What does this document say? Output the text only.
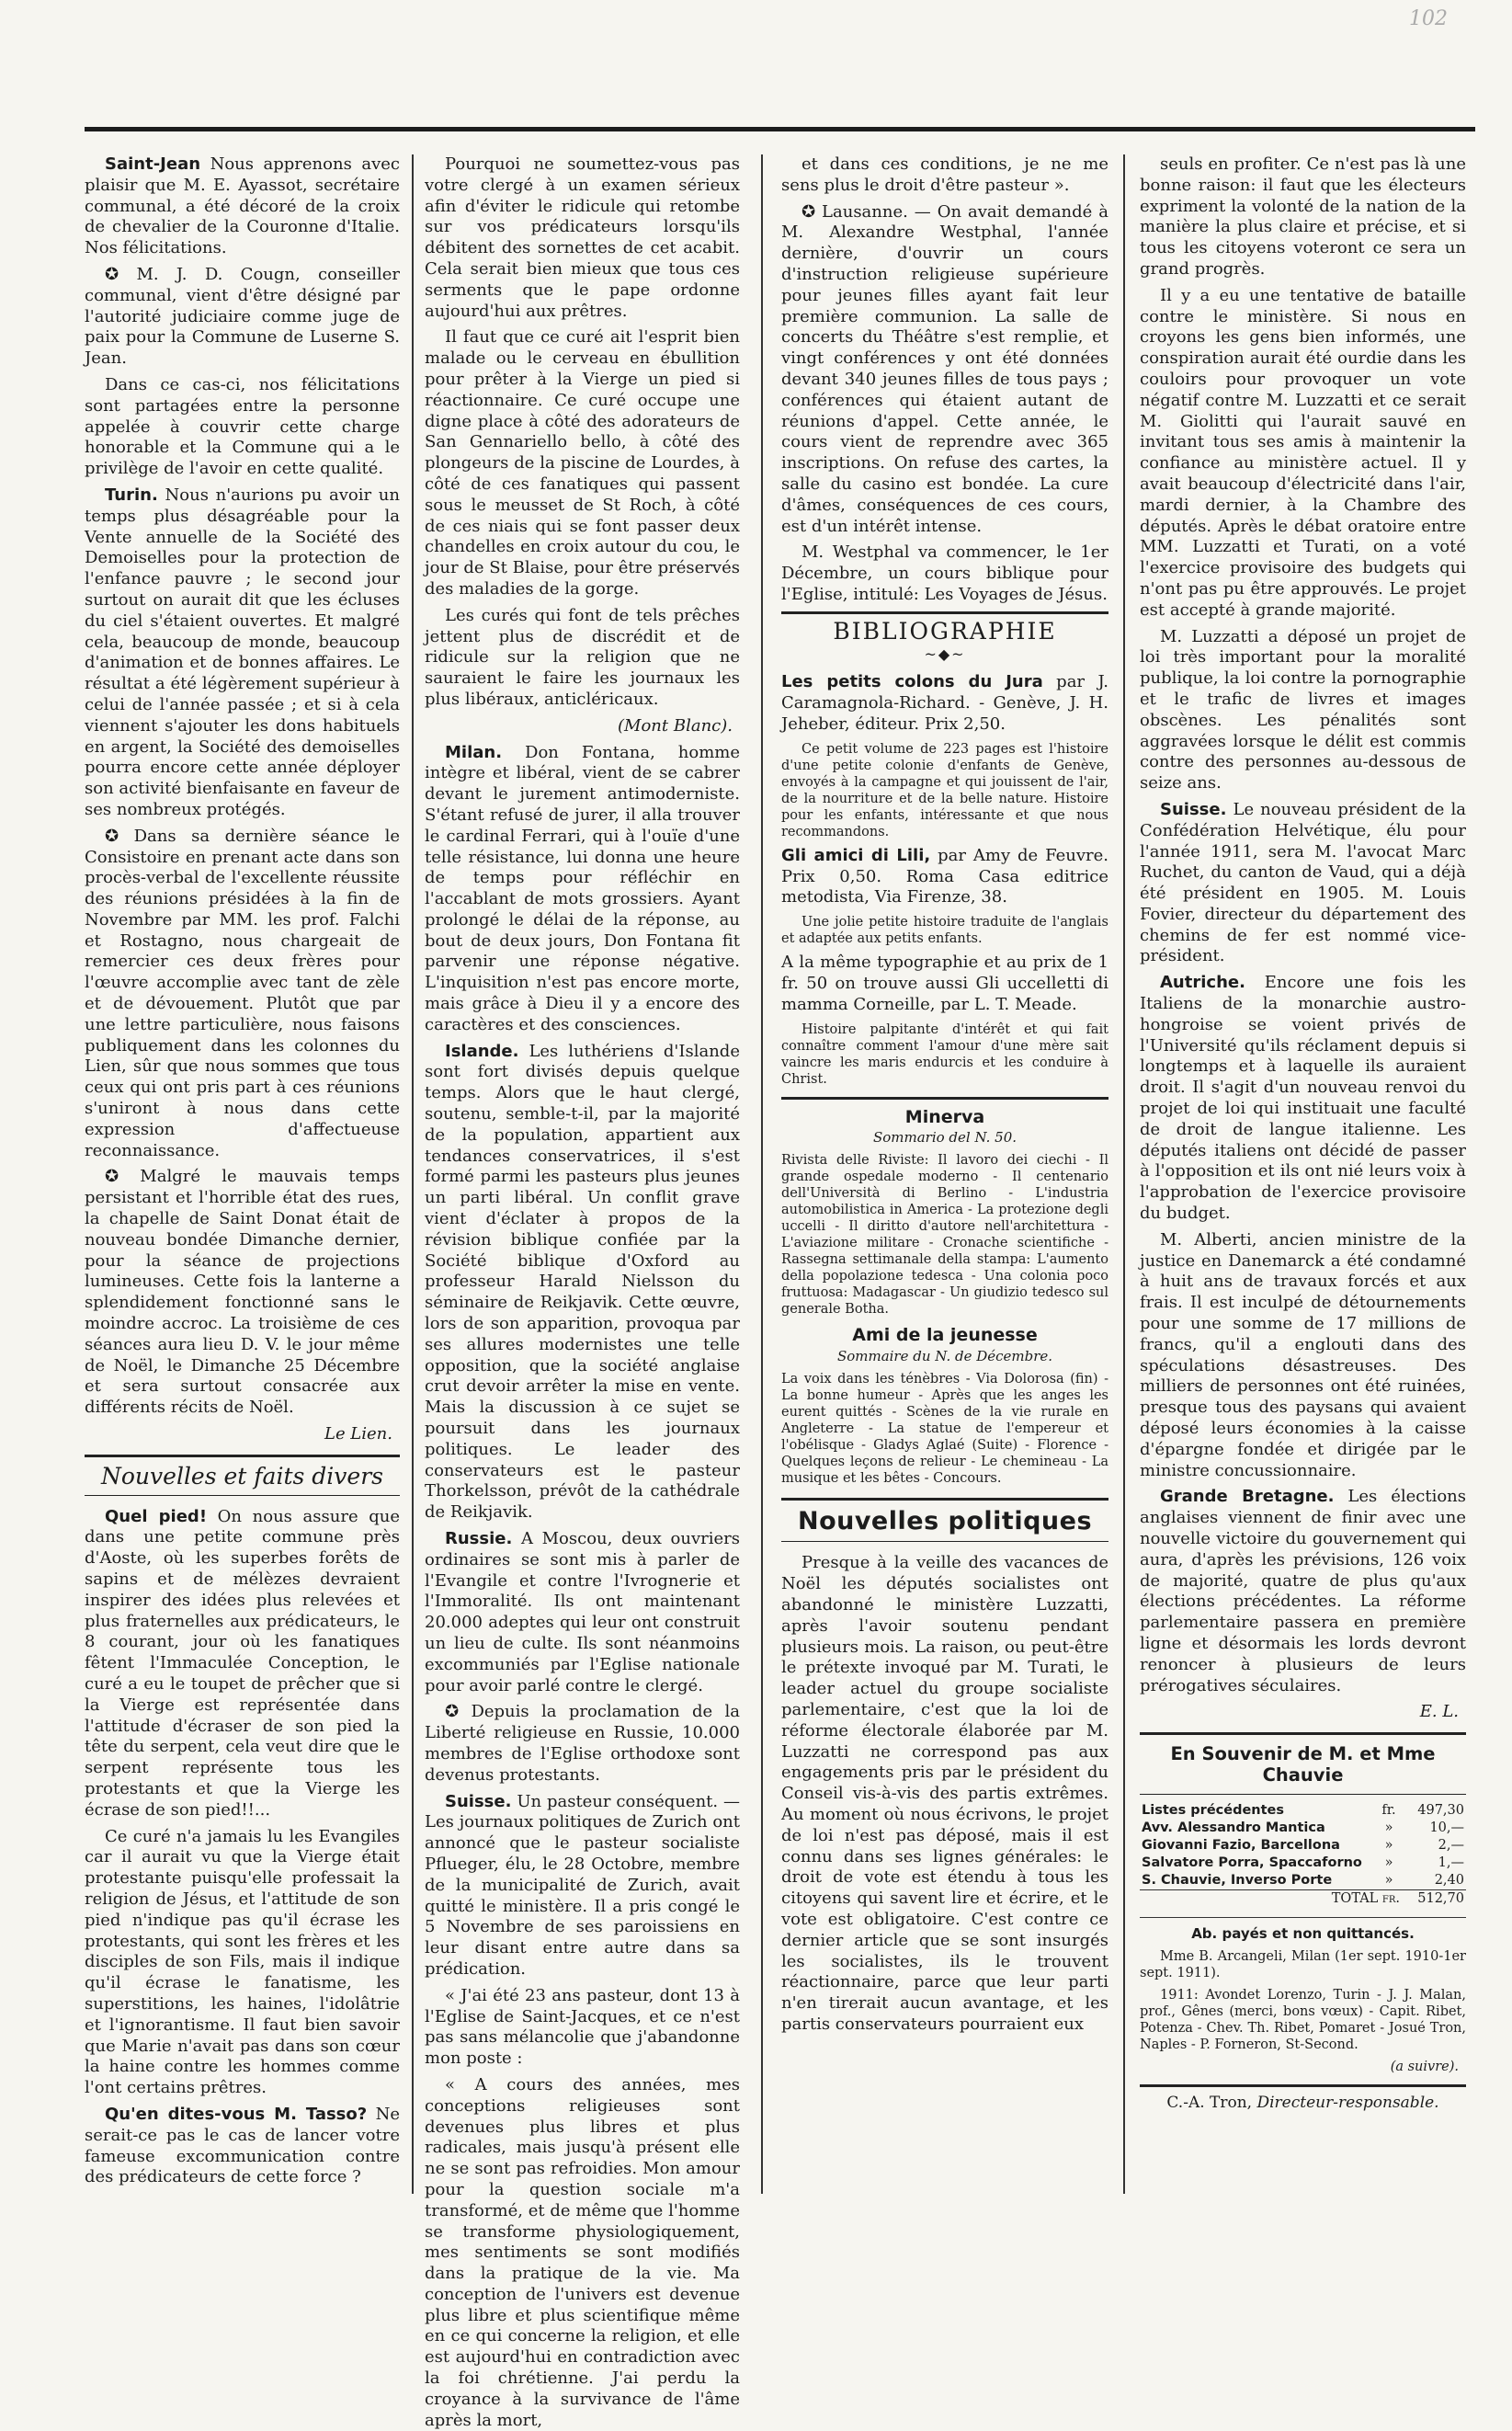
102

Saint-Jean Nous apprenons avec plaisir que M. E. Ayassot, secrétaire communal, a été décoré de la croix de chevalier de la Couronne d'Italie. Nos félicitations.

✪ M. J. D. Cougn, conseiller communal, vient d'être désigné par l'autorité judiciaire comme juge de paix pour la Commune de Luserne S. Jean.

Dans ce cas-ci, nos félicitations sont partagées entre la personne appelée à couvrir cette charge honorable et la Commune qui a le privilège de l'avoir en cette qualité.

Turin. Nous n'aurions pu avoir un temps plus désagréable pour la Vente annuelle de la Société des Demoiselles pour la protection de l'enfance pauvre ; le second jour surtout on aurait dit que les écluses du ciel s'étaient ouvertes. Et malgré cela, beaucoup de monde, beaucoup d'animation et de bonnes affaires. Le résultat a été légèrement supérieur à celui de l'année passée ; et si à cela viennent s'ajouter les dons habituels en argent, la Société des demoiselles pourra encore cette année déployer son activité bienfaisante en faveur de ses nombreux protégés.

✪ Dans sa dernière séance le Consistoire en prenant acte dans son procès-verbal de l'excellente réussite des réunions présidées à la fin de Novembre par MM. les prof. Falchi et Rostagno, nous chargeait de remercier ces deux frères pour l'œuvre accomplie avec tant de zèle et de dévouement. Plutôt que par une lettre particulière, nous faisons publiquement dans les colonnes du Lien, sûr que nous sommes que tous ceux qui ont pris part à ces réunions s'uniront à nous dans cette expression d'affectueuse reconnaissance.

✪ Malgré le mauvais temps persistant et l'horrible état des rues, la chapelle de Saint Donat était de nouveau bondée Dimanche dernier, pour la séance de projections lumineuses. Cette fois la lanterne a splendidement fonctionné sans le moindre accroc. La troisième de ces séances aura lieu D. V. le jour même de Noël, le Dimanche 25 Décembre et sera surtout consacrée aux différents récits de Noël.

Le Lien.

Nouvelles et faits divers

Quel pied! On nous assure que dans une petite commune près d'Aoste, où les superbes forêts de sapins et de mélèzes devraient inspirer des idées plus relevées et plus fraternelles aux prédicateurs, le 8 courant, jour où les fanatiques fêtent l'Immaculée Conception, le curé a eu le toupet de prêcher que si la Vierge est représentée dans l'attitude d'écraser de son pied la tête du serpent, cela veut dire que le serpent représente tous les protestants et que la Vierge les écrase de son pied!!...

Ce curé n'a jamais lu les Evangiles car il aurait vu que la Vierge était protestante puisqu'elle professait la religion de Jésus, et l'attitude de son pied n'indique pas qu'il écrase les protestants, qui sont les frères et les disciples de son Fils, mais il indique qu'il écrase le fanatisme, les superstitions, les haines, l'idolâtrie et l'ignorantisme. Il faut bien savoir que Marie n'avait pas dans son cœur la haine contre les hommes comme l'ont certains prêtres.

Qu'en dites-vous M. Tasso? Ne serait-ce pas le cas de lancer votre fameuse excommunication contre des prédicateurs de cette force ?

Pourquoi ne soumettez-vous pas votre clergé à un examen sérieux afin d'éviter le ridicule qui retombe sur vos prédicateurs lorsqu'ils débitent des sornettes de cet acabit. Cela serait bien mieux que tous ces serments que le pape ordonne aujourd'hui aux prêtres.

Il faut que ce curé ait l'esprit bien malade ou le cerveau en ébullition pour prêter à la Vierge un pied si réactionnaire. Ce curé occupe une digne place à côté des adorateurs de San Gennariello bello, à côté des plongeurs de la piscine de Lourdes, à côté de ces fanatiques qui passent sous le meusset de St Roch, à côté de ces niais qui se font passer deux chandelles en croix autour du cou, le jour de St Blaise, pour être préservés des maladies de la gorge.

Les curés qui font de tels prêches jettent plus de discrédit et de ridicule sur la religion que ne sauraient le faire les journaux les plus libéraux, anticléricaux.

(Mont Blanc).

Milan. Don Fontana, homme intègre et libéral, vient de se cabrer devant le jurement antimoderniste. S'étant refusé de jurer, il alla trouver le cardinal Ferrari, qui à l'ouïe d'une telle résistance, lui donna une heure de temps pour réfléchir en l'accablant de mots grossiers. Ayant prolongé le délai de la réponse, au bout de deux jours, Don Fontana fit parvenir une réponse négative. L'inquisition n'est pas encore morte, mais grâce à Dieu il y a encore des caractères et des consciences.

Islande. Les luthériens d'Islande sont fort divisés depuis quelque temps. Alors que le haut clergé, soutenu, semble-t-il, par la majorité de la population, appartient aux tendances conservatrices, il s'est formé parmi les pasteurs plus jeunes un parti libéral. Un conflit grave vient d'éclater à propos de la révision biblique confiée par la Société biblique d'Oxford au professeur Harald Nielsson du séminaire de Reikjavik. Cette œuvre, lors de son apparition, provoqua par ses allures modernistes une telle opposition, que la société anglaise crut devoir arrêter la mise en vente. Mais la discussion à ce sujet se poursuit dans les journaux politiques. Le leader des conservateurs est le pasteur Thorkelsson, prévôt de la cathédrale de Reikjavik.

Russie. A Moscou, deux ouvriers ordinaires se sont mis à parler de l'Evangile et contre l'Ivrognerie et l'Immoralité. Ils ont maintenant 20.000 adeptes qui leur ont construit un lieu de culte. Ils sont néanmoins excommuniés par l'Eglise nationale pour avoir parlé contre le clergé.

✪ Depuis la proclamation de la Liberté religieuse en Russie, 10.000 membres de l'Eglise orthodoxe sont devenus protestants.

Suisse. Un pasteur conséquent. — Les journaux politiques de Zurich ont annoncé que le pasteur socialiste Pflueger, élu, le 28 Octobre, membre de la municipalité de Zurich, avait quitté le ministère. Il a pris congé le 5 Novembre de ses paroissiens en leur disant entre autre dans sa prédication.

« J'ai été 23 ans pasteur, dont 13 à l'Eglise de Saint-Jacques, et ce n'est pas sans mélancolie que j'abandonne mon poste :

« A cours des années, mes conceptions religieuses sont devenues plus libres et plus radicales, mais jusqu'à présent elle ne se sont pas refroidies. Mon amour pour la question sociale m'a transformé, et de même que l'homme se transforme physiologiquement, mes sentiments se sont modifiés dans la pratique de la vie. Ma conception de l'univers est devenue plus libre et plus scientifique même en ce qui concerne la religion, et elle est aujourd'hui en contradiction avec la foi chrétienne. J'ai perdu la croyance à la survivance de l'âme après la mort,

et dans ces conditions, je ne me sens plus le droit d'être pasteur ».

✪ Lausanne. — On avait demandé à M. Alexandre Westphal, l'année dernière, d'ouvrir un cours d'instruction religieuse supérieure pour jeunes filles ayant fait leur première communion. La salle de concerts du Théâtre s'est remplie, et vingt conférences y ont été données devant 340 jeunes filles de tous pays ; conférences qui étaient autant de réunions d'appel. Cette année, le cours vient de reprendre avec 365 inscriptions. On refuse des cartes, la salle du casino est bondée. La cure d'âmes, conséquences de ces cours, est d'un intérêt intense.

M. Westphal va commencer, le 1er Décembre, un cours biblique pour l'Eglise, intitulé: Les Voyages de Jésus.

BIBLIOGRAPHIE
~◆~

Les petits colons du Jura par J. Caramagnola-Richard. - Genève, J. H. Jeheber, éditeur. Prix 2,50.

Ce petit volume de 223 pages est l'histoire d'une petite colonie d'enfants de Genève, envoyés à la campagne et qui jouissent de l'air, de la nourriture et de la belle nature. Histoire pour les enfants, intéressante et que nous recommandons.

Gli amici di Lili, par Amy de Feuvre. Prix 0,50. Roma Casa editrice metodista, Via Firenze, 38.

Une jolie petite histoire traduite de l'anglais et adaptée aux petits enfants.

A la même typographie et au prix de 1 fr. 50 on trouve aussi Gli uccelletti di mamma Corneille, par L. T. Meade.

Histoire palpitante d'intérêt et qui fait connaître comment l'amour d'une mère sait vaincre les maris endurcis et les conduire à Christ.

Minerva
Sommario del N. 50.

Rivista delle Riviste: Il lavoro dei ciechi - Il grande ospedale moderno - Il centenario dell'Università di Berlino - L'industria automobilistica in America - La protezione degli uccelli - Il diritto d'autore nell'architettura - L'aviazione militare - Cronache scientifiche - Rassegna settimanale della stampa: L'aumento della popolazione tedesca - Una colonia poco fruttuosa: Madagascar - Un giudizio tedesco sul generale Botha.

Ami de la jeunesse
Sommaire du N. de Décembre.

La voix dans les ténèbres - Via Dolorosa (fin) - La bonne humeur - Après que les anges les eurent quittés - Scènes de la vie rurale en Angleterre - La statue de l'empereur et l'obélisque - Gladys Aglaé (Suite) - Florence - Quelques leçons de relieur - Le chemineau - La musique et les bêtes - Concours.

Nouvelles politiques

Presque à la veille des vacances de Noël les députés socialistes ont abandonné le ministère Luzzatti, après l'avoir soutenu pendant plusieurs mois. La raison, ou peut-être le prétexte invoqué par M. Turati, le leader actuel du groupe socialiste parlementaire, c'est que la loi de réforme électorale élaborée par M. Luzzatti ne correspond pas aux engagements pris par le président du Conseil vis-à-vis des partis extrêmes. Au moment où nous écrivons, le projet de loi n'est pas déposé, mais il est connu dans ses lignes générales: le droit de vote est étendu à tous les citoyens qui savent lire et écrire, et le vote est obligatoire. C'est contre ce dernier article que se sont insurgés les socialistes, ils le trouvent réactionnaire, parce que leur parti n'en tirerait aucun avantage, et les partis conservateurs pourraient eux

seuls en profiter. Ce n'est pas là une bonne raison: il faut que les électeurs expriment la volonté de la nation de la manière la plus claire et précise, et si tous les citoyens voteront ce sera un grand progrès.

Il y a eu une tentative de bataille contre le ministère. Si nous en croyons les gens bien informés, une conspiration aurait été ourdie dans les couloirs pour provoquer un vote négatif contre M. Luzzatti et ce serait M. Giolitti qui l'aurait sauvé en invitant tous ses amis à maintenir la confiance au ministère actuel. Il y avait beaucoup d'électricité dans l'air, mardi dernier, à la Chambre des députés. Après le débat oratoire entre MM. Luzzatti et Turati, on a voté l'exercice provisoire des budgets qui n'ont pas pu être approuvés. Le projet est accepté à grande majorité.

M. Luzzatti a déposé un projet de loi très important pour la moralité publique, la loi contre la pornographie et le trafic de livres et images obscènes. Les pénalités sont aggravées lorsque le délit est commis contre des personnes au-dessous de seize ans.

Suisse. Le nouveau président de la Confédération Helvétique, élu pour l'année 1911, sera M. l'avocat Marc Ruchet, du canton de Vaud, qui a déjà été président en 1905. M. Louis Fovier, directeur du département des chemins de fer est nommé vice-président.

Autriche. Encore une fois les Italiens de la monarchie austro-hongroise se voient privés de l'Université qu'ils réclament depuis si longtemps et à laquelle ils auraient droit. Il s'agit d'un nouveau renvoi du projet de loi qui instituait une faculté de droit de langue italienne. Les députés italiens ont décidé de passer à l'opposition et ils ont nié leurs voix à l'approbation de l'exercice provisoire du budget.

M. Alberti, ancien ministre de la justice en Danemarck a été condamné à huit ans de travaux forcés et aux frais. Il est inculpé de détournements pour une somme de 17 millions de francs, qu'il a englouti dans des spéculations désastreuses. Des milliers de personnes ont été ruinées, presque tous des paysans qui avaient déposé leurs économies à la caisse d'épargne fondée et dirigée par le ministre concussionnaire.

Grande Bretagne. Les élections anglaises viennent de finir avec une nouvelle victoire du gouvernement qui aura, d'après les prévisions, 126 voix de majorité, quatre de plus qu'aux élections précédentes. La réforme parlementaire passera en première ligne et désormais les lords devront renoncer à plusieurs de leurs prérogatives séculaires.

E. L.

En Souvenir de M. et Mme Chauvie
Listes précédentes	fr.	497,30
Avv. Alessandro Mantica	»	10,—
Giovanni Fazio, Barcellona	»	2,—
Salvatore Porra, Spaccaforno	»	1,—
S. Chauvie, Inverso Porte	»	2,40
TOTAL fr.		512,70
Ab. payés et non quittancés.

Mme B. Arcangeli, Milan (1er sept. 1910-1er sept. 1911).

1911: Avondet Lorenzo, Turin - J. J. Malan, prof., Gênes (merci, bons vœux) - Capit. Ribet, Potenza - Chev. Th. Ribet, Pomaret - Josué Tron, Naples - P. Forneron, St-Second.

(a suivre).

C.-A. Tron, Directeur-responsable.
